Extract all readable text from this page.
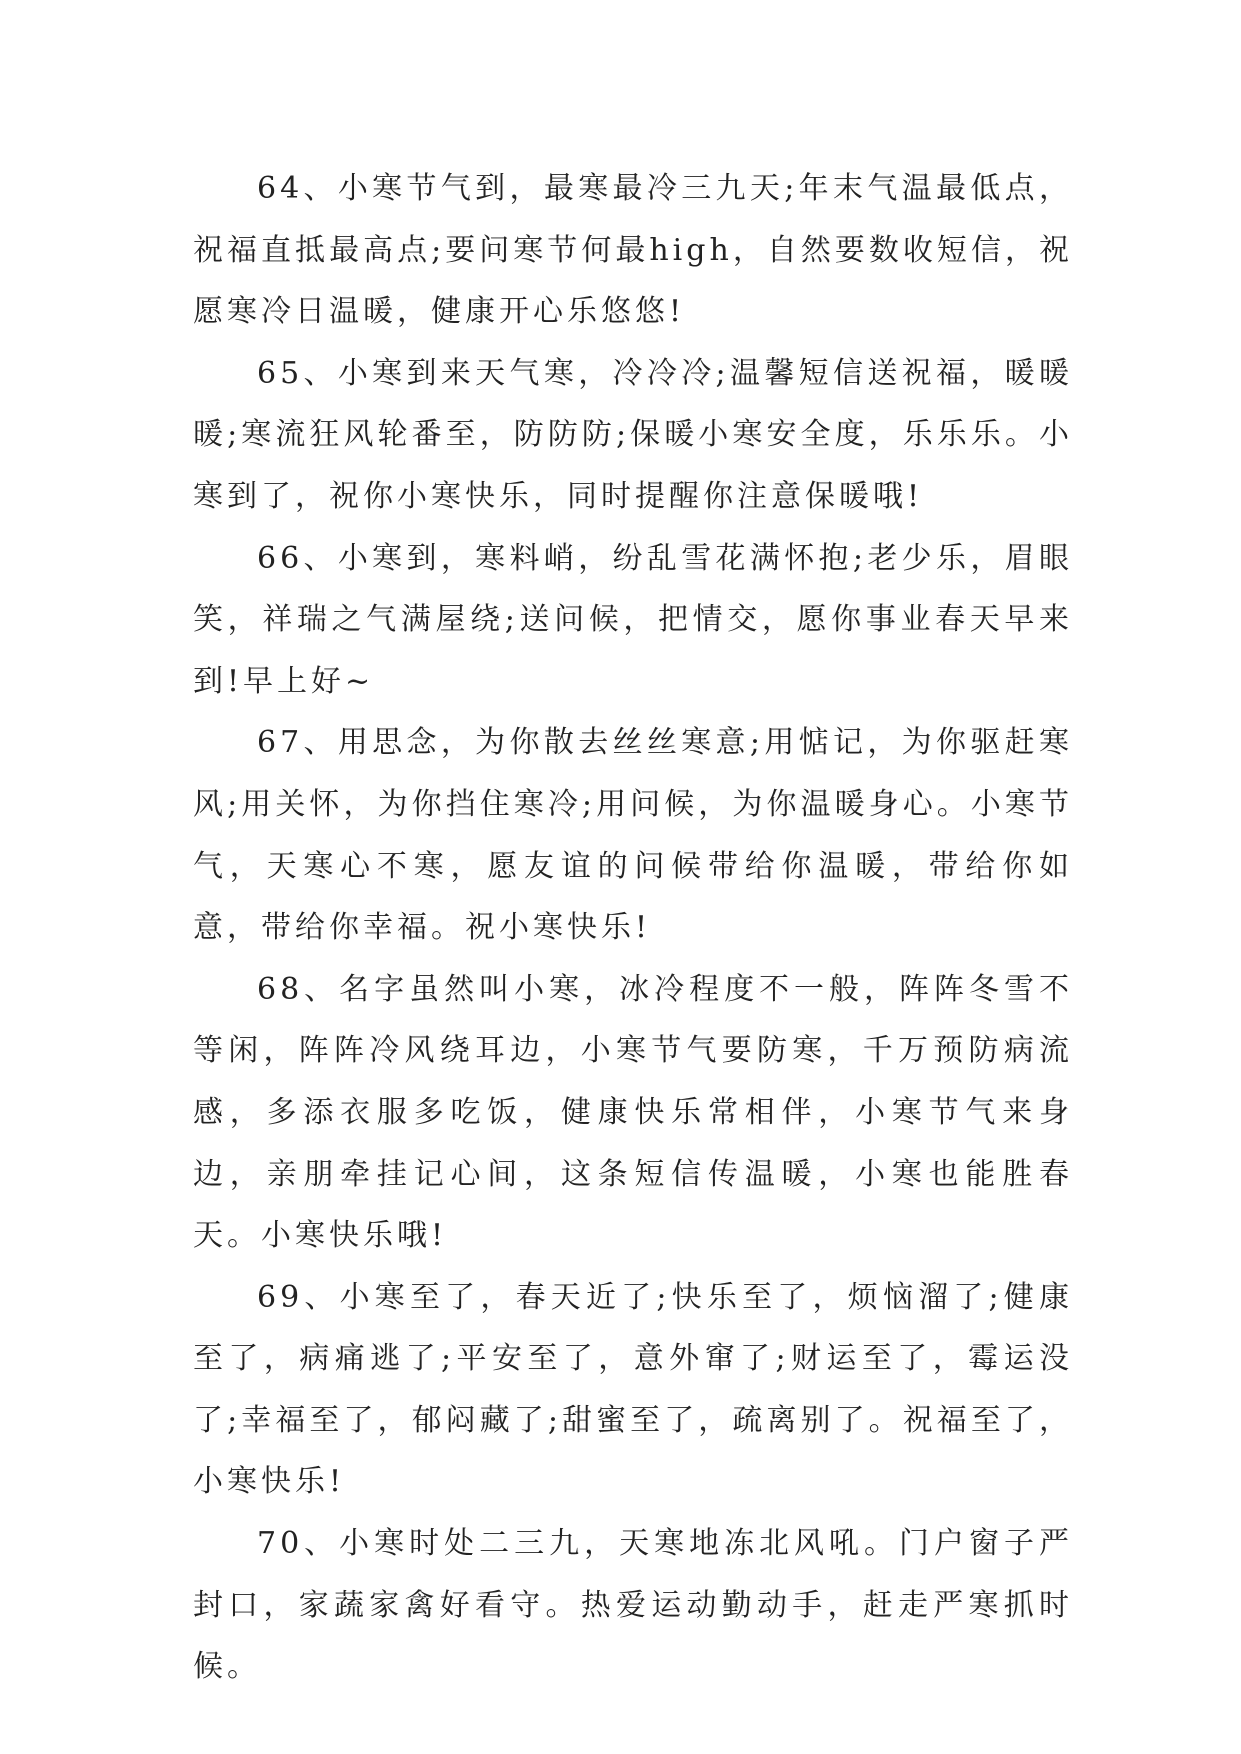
64、小寒节气到，最寒最冷三九天;年末气温最低点，祝福直抵最高点;要问寒节何最high，自然要数收短信，祝愿寒冷日温暖，健康开心乐悠悠!

65、小寒到来天气寒，冷冷冷;温馨短信送祝福，暖暖暖;寒流狂风轮番至，防防防;保暖小寒安全度，乐乐乐。小寒到了，祝你小寒快乐，同时提醒你注意保暖哦!

66、小寒到，寒料峭，纷乱雪花满怀抱;老少乐，眉眼笑，祥瑞之气满屋绕;送问候，把情交，愿你事业春天早来到!早上好~

67、用思念，为你散去丝丝寒意;用惦记，为你驱赶寒风;用关怀，为你挡住寒冷;用问候，为你温暖身心。小寒节气，天寒心不寒，愿友谊的问候带给你温暖，带给你如意，带给你幸福。祝小寒快乐!

68、名字虽然叫小寒，冰冷程度不一般，阵阵冬雪不等闲，阵阵冷风绕耳边，小寒节气要防寒，千万预防病流感，多添衣服多吃饭，健康快乐常相伴，小寒节气来身边，亲朋牵挂记心间，这条短信传温暖，小寒也能胜春天。小寒快乐哦!

69、小寒至了，春天近了;快乐至了，烦恼溜了;健康至了，病痛逃了;平安至了，意外窜了;财运至了，霉运没了;幸福至了，郁闷藏了;甜蜜至了，疏离别了。祝福至了，小寒快乐!

70、小寒时处二三九，天寒地冻北风吼。门户窗子严封口，家蔬家禽好看守。热爱运动勤动手，赶走严寒抓时候。
